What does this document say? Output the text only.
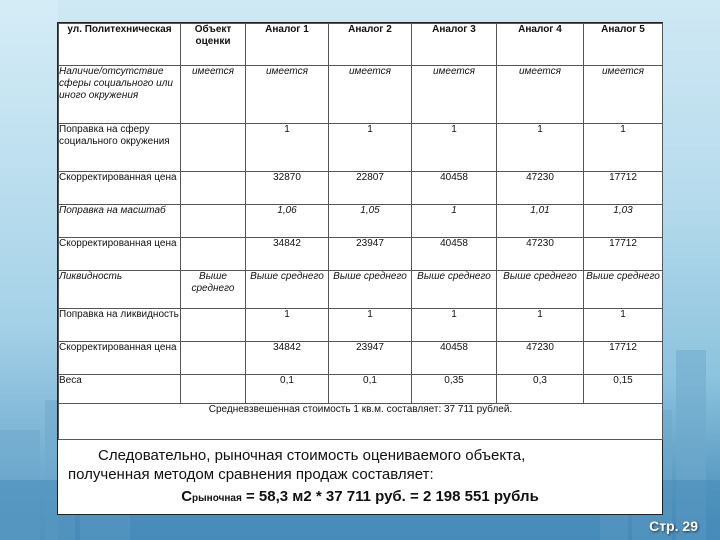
ул. Политехническая	Объект оценки	Аналог 1	Аналог 2	Аналог 3	Аналог 4	Аналог 5
Наличие/отсутствие сферы социального или иного окружения	имеется	имеется	имеется	имеется	имеется	имеется
Поправка на сферу социального окружения		1	1	1	1	1
Скорректированная цена		32870	22807	40458	47230	17712
Поправка на масштаб		1,06	1,05	1	1,01	1,03
Скорректированная цена		34842	23947	40458	47230	17712
Ликвидность	Выше среднего	Выше среднего	Выше среднего	Выше среднего	Выше среднего	Выше среднего
Поправка на ликвидность		1	1	1	1	1
Скорректированная цена		34842	23947	40458	47230	17712
Веса		0,1	0,1	0,35	0,3	0,15
Средневзвешенная стоимость 1 кв.м. составляет: 37 711 рублей.						
Следовательно, рыночная стоимость оцениваемого объекта,
полученная методом сравнения продаж составляет:
Срыночная = 58,3 м2 * 37 711 руб. = 2 198 551 рубль
Стр. 29
